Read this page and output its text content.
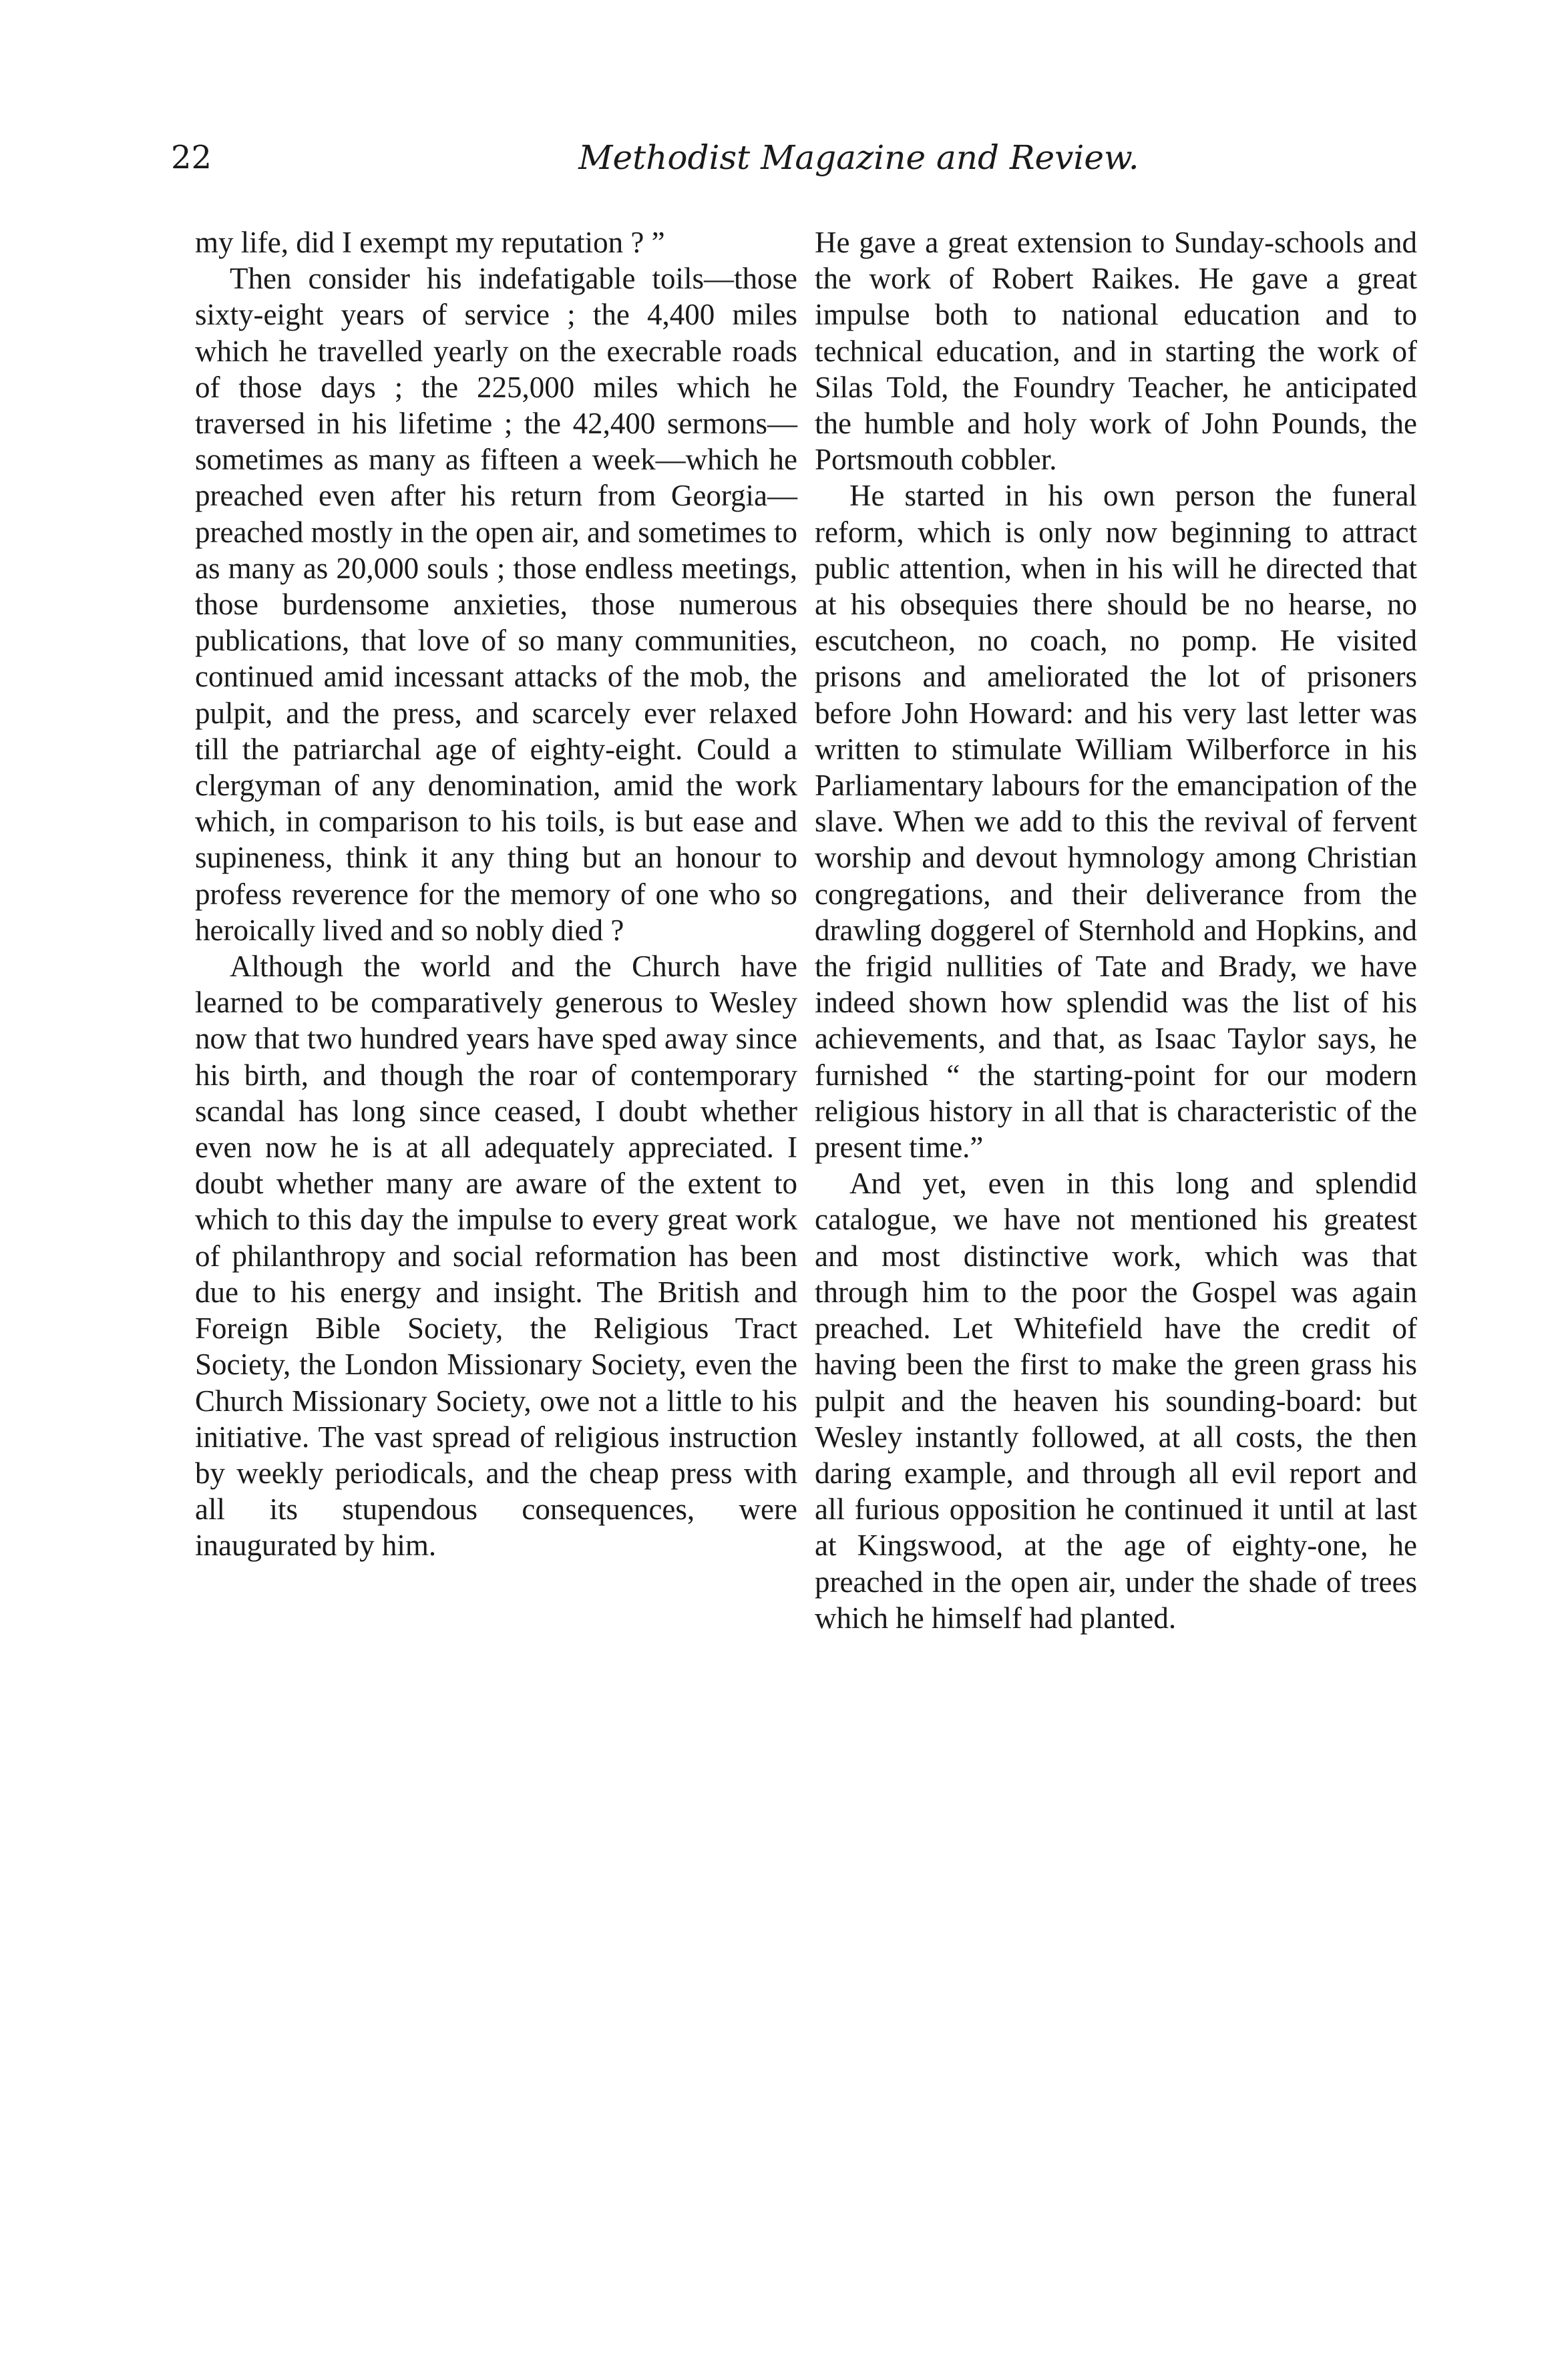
22	Methodist Magazine and Review.

my life, did I exempt my reputation ? ”

Then consider his indefatigable toils—those sixty-eight years of service ; the 4,400 miles which he travelled yearly on the execrable roads of those days ; the 225,000 miles which he traversed in his lifetime ; the 42,400 sermons—sometimes as many as fifteen a week—which he preached even after his return from Georgia—preached mostly in the open air, and sometimes to as many as 20,000 souls ; those endless meetings, those burdensome anxieties, those numerous publications, that love of so many communities, continued amid incessant attacks of the mob, the pulpit, and the press, and scarcely ever relaxed till the patriarchal age of eighty-eight. Could a clergyman of any denomination, amid the work which, in comparison to his toils, is but ease and supineness, think it any thing but an honour to profess reverence for the memory of one who so heroically lived and so nobly died ?

Although the world and the Church have learned to be comparatively generous to Wesley now that two hundred years have sped away since his birth, and though the roar of contemporary scandal has long since ceased, I doubt whether even now he is at all adequately appreciated. I doubt whether many are aware of the extent to which to this day the impulse to every great work of philanthropy and social reformation has been due to his energy and insight. The British and Foreign Bible Society, the Religious Tract Society, the London Missionary Society, even the Church Missionary Society, owe not a little to his initiative. The vast spread of religious instruction by weekly periodicals, and the cheap press with all its stupendous consequences, were inaugurated by him.

He gave a great extension to Sunday-schools and the work of Robert Raikes. He gave a great impulse both to national education and to technical education, and in starting the work of Silas Told, the Foundry Teacher, he anticipated the humble and holy work of John Pounds, the Portsmouth cobbler.

He started in his own person the funeral reform, which is only now beginning to attract public attention, when in his will he directed that at his obsequies there should be no hearse, no escutcheon, no coach, no pomp. He visited prisons and ameliorated the lot of prisoners before John Howard: and his very last letter was written to stimulate William Wilberforce in his Parliamentary labours for the emancipation of the slave. When we add to this the revival of fervent worship and devout hymnology among Christian congregations, and their deliverance from the drawling doggerel of Sternhold and Hopkins, and the frigid nullities of Tate and Brady, we have indeed shown how splendid was the list of his achievements, and that, as Isaac Taylor says, he furnished “ the starting-point for our modern religious history in all that is characteristic of the present time.”

And yet, even in this long and splendid catalogue, we have not mentioned his greatest and most distinctive work, which was that through him to the poor the Gospel was again preached. Let Whitefield have the credit of having been the first to make the green grass his pulpit and the heaven his sounding-board: but Wesley instantly followed, at all costs, the then daring example, and through all evil report and all furious opposition he continued it until at last at Kingswood, at the age of eighty-one, he preached in the open air, under the shade of trees which he himself had planted.
